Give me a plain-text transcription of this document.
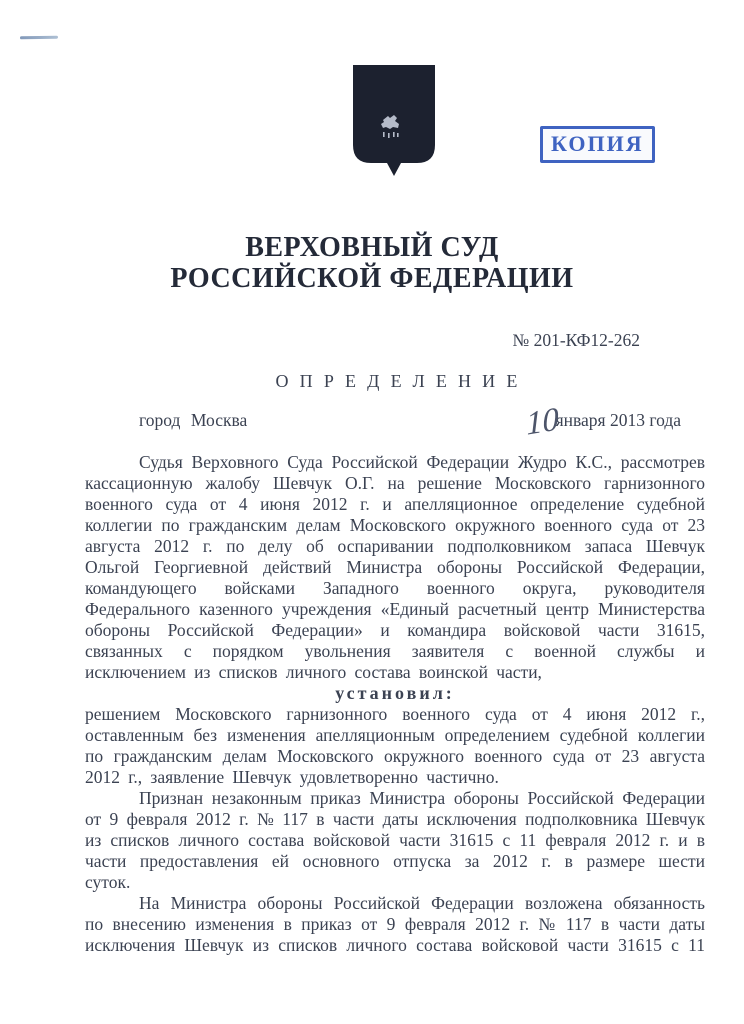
КОПИЯ
ВЕРХОВНЫЙ СУД
РОССИЙСКОЙ ФЕДЕРАЦИИ
№ 201-КФ12-262
ОПРЕДЕЛЕНИЕ
город Москва	10января 2013 года

Судья Верховного Суда Российской Федерации Жудро К.С., рассмотрев кассационную жалобу Шевчук О.Г. на решение Московского гарнизонного военного суда от 4 июня 2012 г. и апелляционное определение судебной коллегии по гражданским делам Московского окружного военного суда от 23 августа 2012 г. по делу об оспаривании подполковником запаса Шевчук Ольгой Георгиевной действий Министра обороны Российской Федерации, командующего войсками Западного военного округа, руководителя Федерального казенного учреждения «Единый расчетный центр Министерства обороны Российской Федерации» и командира войсковой части 31615, связанных с порядком увольнения заявителя с военной службы и исключением из списков личного состава воинской части,

установил:

решением Московского гарнизонного военного суда от 4 июня 2012 г., оставленным без изменения апелляционным определением судебной коллегии по гражданским делам Московского окружного военного суда от 23 августа 2012 г., заявление Шевчук удовлетворенно частично.

Признан незаконным приказ Министра обороны Российской Федерации от 9 февраля 2012 г. № 117 в части даты исключения подполковника Шевчук из списков личного состава войсковой части 31615 с 11 февраля 2012 г. и в части предоставления ей основного отпуска за 2012 г. в размере шести суток.

На Министра обороны Российской Федерации возложена обязанность по внесению изменения в приказ от 9 февраля 2012 г. № 117 в части даты исключения Шевчук из списков личного состава войсковой части 31615 с 11
